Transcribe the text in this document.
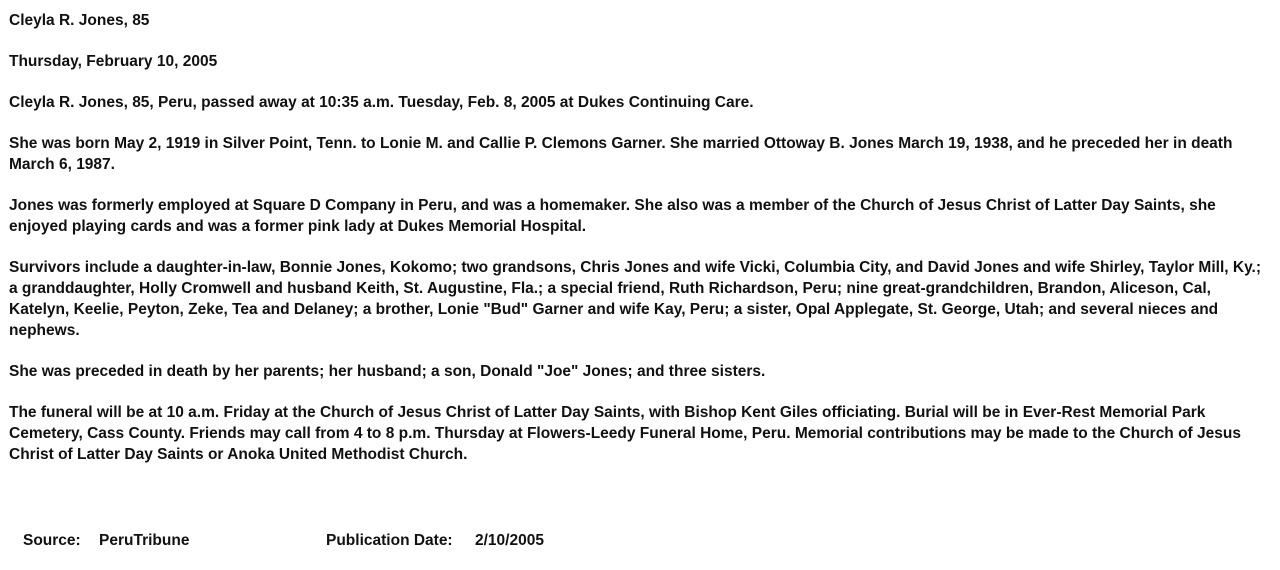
Cleyla R. Jones, 85

Thursday, February 10, 2005

Cleyla R. Jones, 85, Peru, passed away at 10:35 a.m. Tuesday, Feb. 8, 2005 at Dukes Continuing Care.

She was born May 2, 1919 in Silver Point, Tenn. to Lonie M. and Callie P. Clemons Garner. She married Ottoway B. Jones March 19, 1938, and he preceded her in death March 6, 1987.

Jones was formerly employed at Square D Company in Peru, and was a homemaker. She also was a member of the Church of Jesus Christ of Latter Day Saints, she enjoyed playing cards and was a former pink lady at Dukes Memorial Hospital.

Survivors include a daughter-in-law, Bonnie Jones, Kokomo; two grandsons, Chris Jones and wife Vicki, Columbia City, and David Jones and wife Shirley, Taylor Mill, Ky.; a granddaughter, Holly Cromwell and husband Keith, St. Augustine, Fla.; a special friend, Ruth Richardson, Peru; nine great-grandchildren, Brandon, Aliceson, Cal, Katelyn, Keelie, Peyton, Zeke, Tea and Delaney; a brother, Lonie "Bud" Garner and wife Kay, Peru; a sister, Opal Applegate, St. George, Utah; and several nieces and nephews.

She was preceded in death by her parents; her husband; a son, Donald "Joe" Jones; and three sisters.

The funeral will be at 10 a.m. Friday at the Church of Jesus Christ of Latter Day Saints, with Bishop Kent Giles officiating. Burial will be in Ever-Rest Memorial Park Cemetery, Cass County. Friends may call from 4 to 8 p.m. Thursday at Flowers-Leedy Funeral Home, Peru. Memorial contributions may be made to the Church of Jesus Christ of Latter Day Saints or Anoka United Methodist Church.

Source: PeruTribune	Publication Date: 2/10/2005
